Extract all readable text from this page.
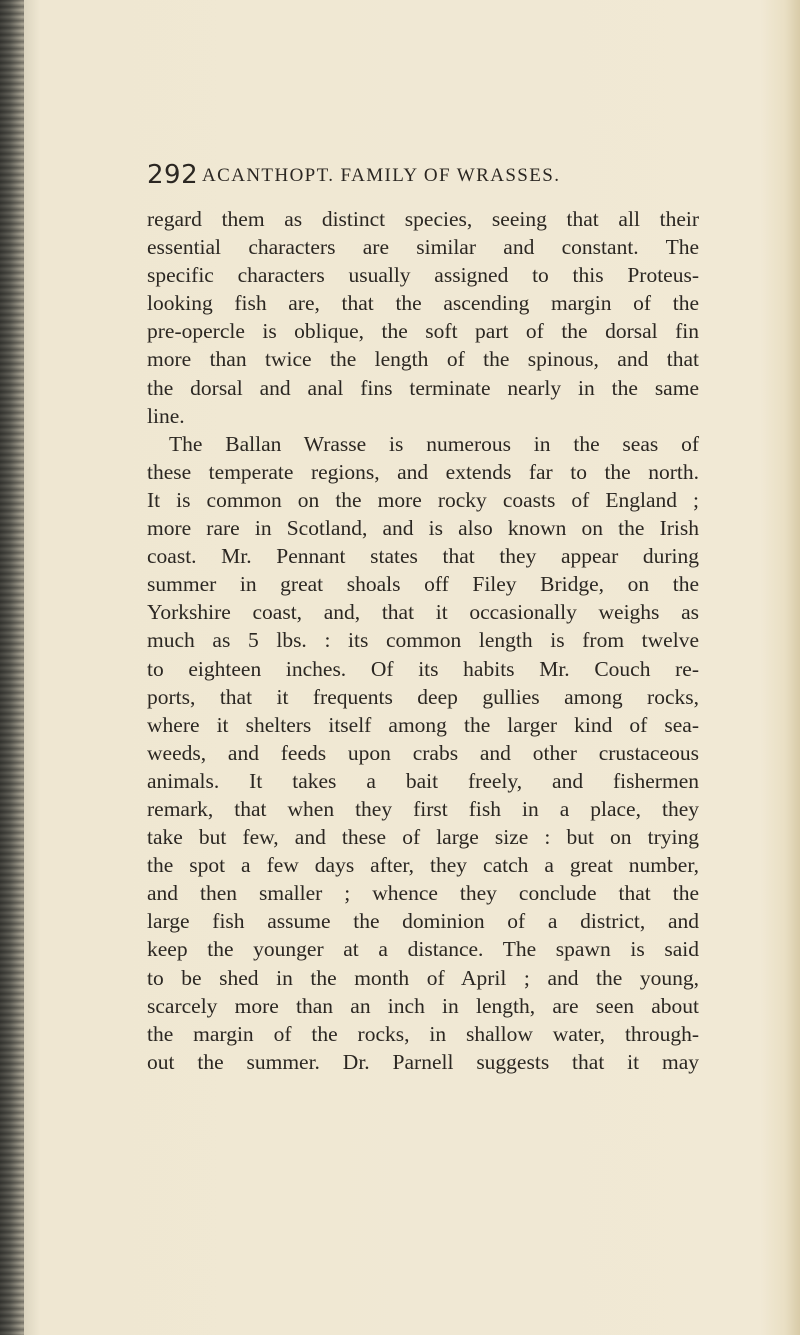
292 ACANTHOPT. FAMILY OF WRASSES.
regard them as distinct species, seeing that all their
essential characters are similar and constant. The
specific characters usually assigned to this Proteus-
looking fish are, that the ascending margin of the
pre-opercle is oblique, the soft part of the dorsal fin
more than twice the length of the spinous, and that
the dorsal and anal fins terminate nearly in the same
line.
The Ballan Wrasse is numerous in the seas of
these temperate regions, and extends far to the north.
It is common on the more rocky coasts of England ;
more rare in Scotland, and is also known on the Irish
coast. Mr. Pennant states that they appear during
summer in great shoals off Filey Bridge, on the
Yorkshire coast, and, that it occasionally weighs as
much as 5 lbs. : its common length is from twelve
to eighteen inches. Of its habits Mr. Couch re-
ports, that it frequents deep gullies among rocks,
where it shelters itself among the larger kind of sea-
weeds, and feeds upon crabs and other crustaceous
animals. It takes a bait freely, and fishermen
remark, that when they first fish in a place, they
take but few, and these of large size : but on trying
the spot a few days after, they catch a great number,
and then smaller ; whence they conclude that the
large fish assume the dominion of a district, and
keep the younger at a distance. The spawn is said
to be shed in the month of April ; and the young,
scarcely more than an inch in length, are seen about
the margin of the rocks, in shallow water, through-
out the summer. Dr. Parnell suggests that it may
